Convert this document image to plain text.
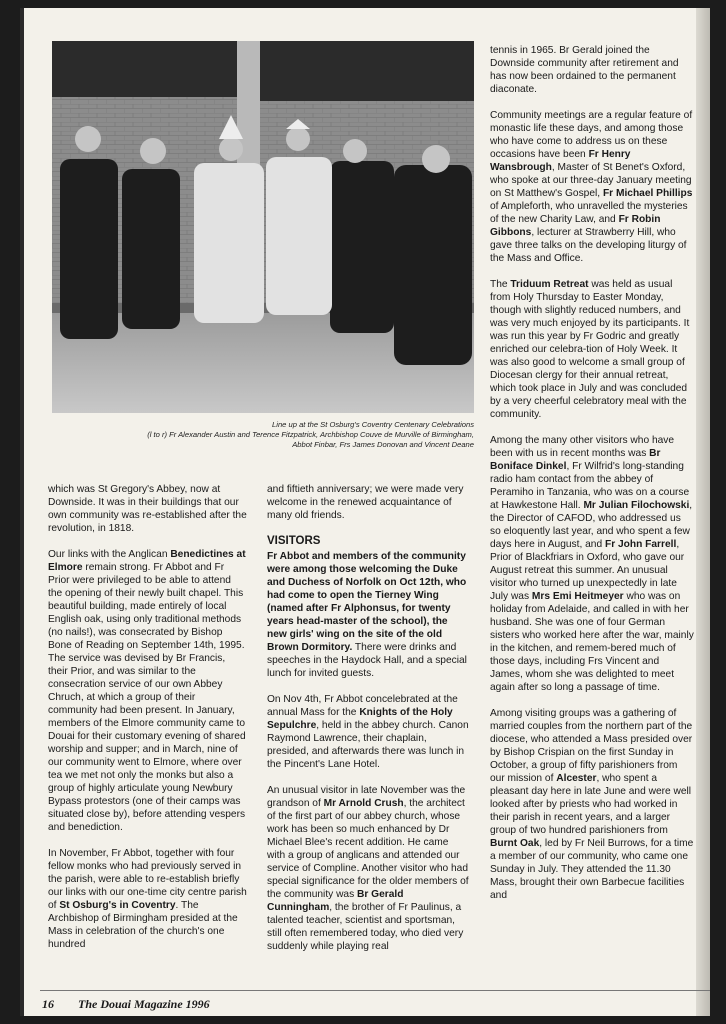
Line up at the St Osburg's Coventry Centenary Celebrations
(l to r) Fr Alexander Austin and Terence Fitzpatrick, Archbishop Couve de Murville of Birmingham,
Abbot Finbar, Frs James Donovan and Vincent Deane

which was St Gregory's Abbey, now at Downside. It was in their buildings that our own community was re-established after the revolution, in 1818.

Our links with the Anglican Benedictines at Elmore remain strong. Fr Abbot and Fr Prior were privileged to be able to attend the opening of their newly built chapel. This beautiful building, made entirely of local English oak, using only traditional methods (no nails!), was consecrated by Bishop Bone of Reading on September 14th, 1995. The service was devised by Br Francis, their Prior, and was similar to the consecration service of our own Abbey Chruch, at which a group of their community had been present. In January, members of the Elmore community came to Douai for their customary evening of shared worship and supper; and in March, nine of our community went to Elmore, where over tea we met not only the monks but also a group of highly articulate young Newbury Bypass protestors (one of their camps was situated close by), before attending vespers and benediction.

In November, Fr Abbot, together with four fellow monks who had previously served in the parish, were able to re-establish briefly our links with our one-time city centre parish of St Osburg's in Coventry. The Archbishop of Birmingham presided at the Mass in celebration of the church's one hundred

and fiftieth anniversary; we were made very welcome in the renewed acquaintance of many old friends.

VISITORS

Fr Abbot and members of the community were among those welcoming the Duke and Duchess of Norfolk on Oct 12th, who had come to open the Tierney Wing (named after Fr Alphonsus, for twenty years head-master of the school), the new girls' wing on the site of the old Brown Dormitory. There were drinks and speeches in the Haydock Hall, and a special lunch for invited guests.

On Nov 4th, Fr Abbot concelebrated at the annual Mass for the Knights of the Holy Sepulchre, held in the abbey church. Canon Raymond Lawrence, their chaplain, presided, and afterwards there was lunch in the Pincent's Lane Hotel.

An unusual visitor in late November was the grandson of Mr Arnold Crush, the architect of the first part of our abbey church, whose work has been so much enhanced by Dr Michael Blee's recent addition. He came with a group of anglicans and attended our service of Compline. Another visitor who had special significance for the older members of the community was Br Gerald Cunningham, the brother of Fr Paulinus, a talented teacher, scientist and sportsman, still often remembered today, who died very suddenly while playing real

tennis in 1965. Br Gerald joined the Downside community after retirement and has now been ordained to the permanent diaconate.

Community meetings are a regular feature of monastic life these days, and among those who have come to address us on these occasions have been Fr Henry Wansbrough, Master of St Benet's Oxford, who spoke at our three-day January meeting on St Matthew's Gospel, Fr Michael Phillips of Ampleforth, who unravelled the mysteries of the new Charity Law, and Fr Robin Gibbons, lecturer at Strawberry Hill, who gave three talks on the developing liturgy of the Mass and Office.

The Triduum Retreat was held as usual from Holy Thursday to Easter Monday, though with slightly reduced numbers, and was very much enjoyed by its participants. It was run this year by Fr Godric and greatly enriched our celebra-tion of Holy Week. It was also good to welcome a small group of Diocesan clergy for their annual retreat, which took place in July and was concluded by a very cheerful celebratory meal with the community.

Among the many other visitors who have been with us in recent months was Br Boniface Dinkel, Fr Wilfrid's long-standing radio ham contact from the abbey of Peramiho in Tanzania, who was on a course at Hawkestone Hall. Mr Julian Filochowski, the Director of CAFOD, who addressed us so eloquently last year, and who spent a few days here in August, and Fr John Farrell, Prior of Blackfriars in Oxford, who gave our August retreat this summer. An unusual visitor who turned up unexpectedly in late July was Mrs Emi Heitmeyer who was on holiday from Adelaide, and called in with her husband. She was one of four German sisters who worked here after the war, mainly in the kitchen, and remem-bered much of those days, including Frs Vincent and James, whom she was delighted to meet again after so long a passage of time.

Among visiting groups was a gathering of married couples from the northern part of the diocese, who attended a Mass presided over by Bishop Crispian on the first Sunday in October, a group of fifty parishioners from our mission of Alcester, who spent a pleasant day here in late June and were well looked after by priests who had worked in their parish in recent years, and a larger group of two hundred parishioners from Burnt Oak, led by Fr Neil Burrows, for a time a member of our community, who came one Sunday in July. They attended the 11.30 Mass, brought their own Barbecue facilities and

16 The Douai Magazine 1996
